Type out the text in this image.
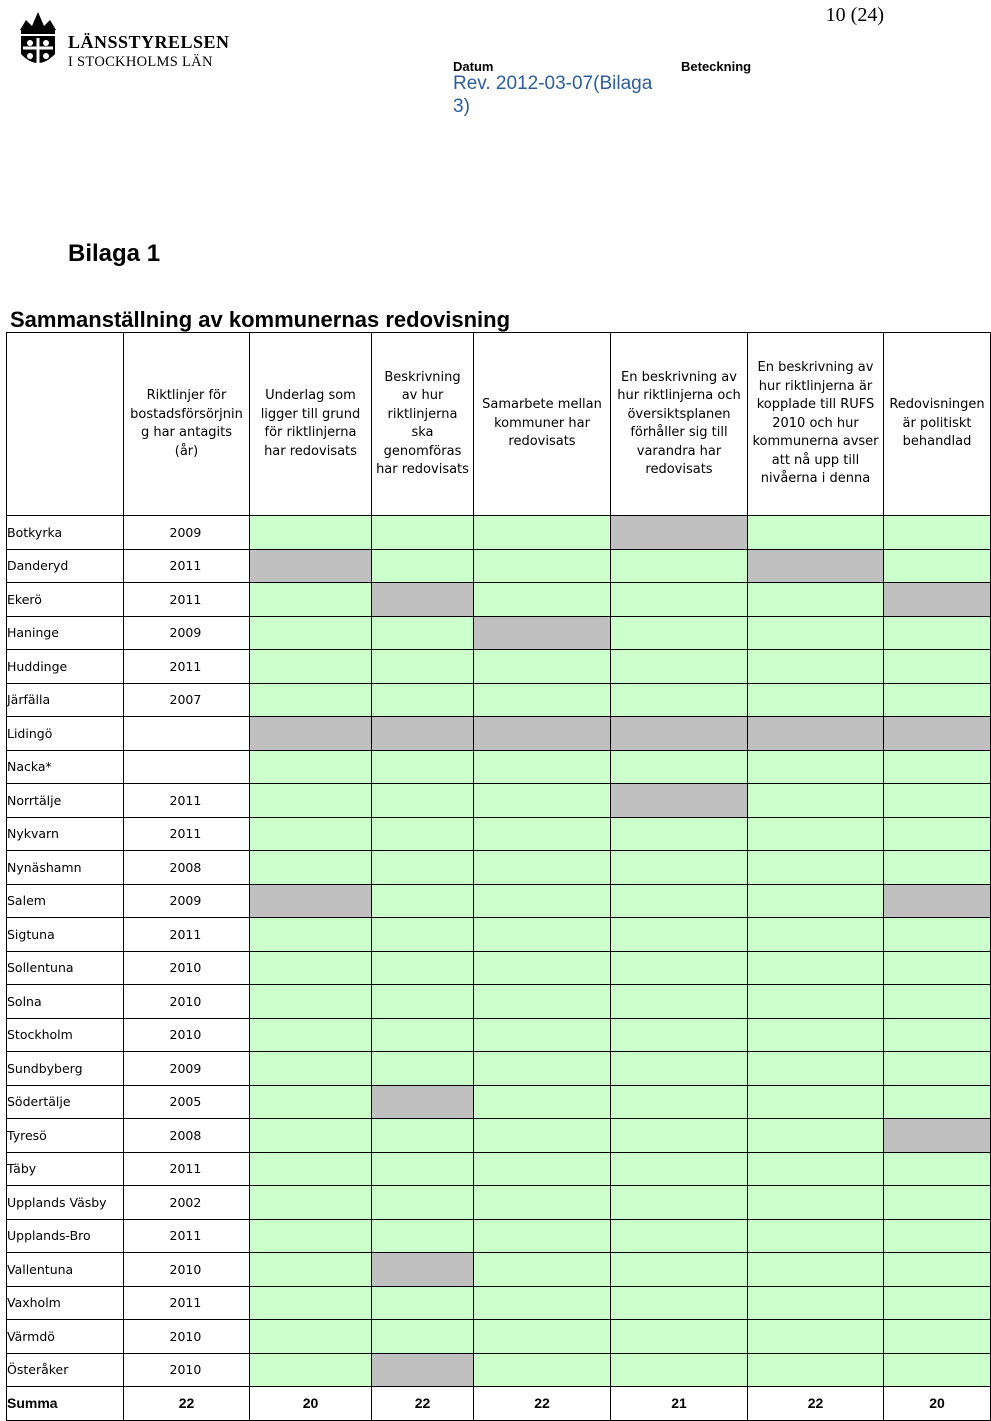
10 (24)
LÄNSSTYRELSEN
I STOCKHOLMS LÄN	Datum	Beteckning
Rev. 2012-03-07(Bilaga 3)
Bilaga 1
Sammanställning av kommunernas redovisning
		Riktlinjer för bostadsförsörjnin g har antagits (år)	Underlag som ligger till grund för riktlinjerna har redovisats	Beskrivning av hur riktlinjerna ska genomföras har redovisats	Samarbete mellan kommuner har redovisats	En beskrivning av hur riktlinjerna och översiktsplanen förhåller sig till varandra har redovisats	En beskrivning av hur riktlinjerna är kopplade till RUFS 2010 och hur kommunerna avser att nå upp till nivåerna i denna	Redovisningen är politiskt behandlad
Botkyrka		2009						
Danderyd		2011						
Ekerö		2011						
Haninge		2009						
Huddinge		2011						
Järfälla		2007						
Lidingö								
Nacka*								
Norrtälje		2011						
Nykvarn		2011						
Nynäshamn		2008						
Salem		2009						
Sigtuna		2011						
Sollentuna		2010						
Solna		2010						
Stockholm		2010						
Sundbyberg		2009						
Södertälje		2005						
Tyresö		2008						
Täby		2011						
Upplands Väsby		2002						
Upplands-Bro		2011						
Vallentuna		2010						
Vaxholm		2011						
Värmdö		2010						
Österåker		2010						
Summa		22	20	22	22	21	22	20
